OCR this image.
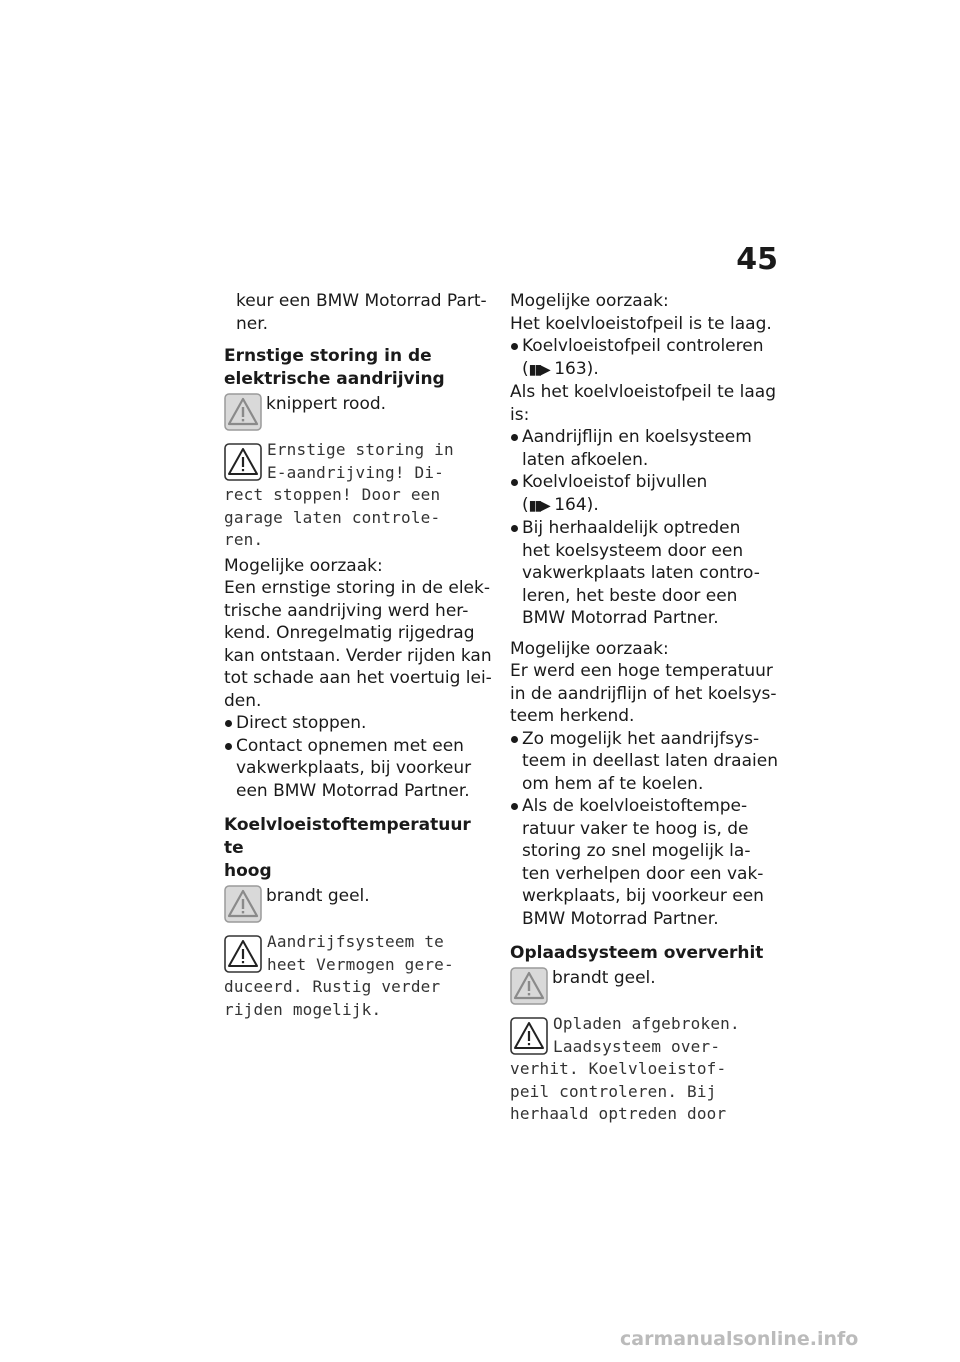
45
keur een BMW Motorrad Part-
ner.
Ernstige storing in de
elektrische aandrijving
knippert rood.
Ernstige storing in
E-aandrijving! Di-
rect stoppen! Door een
garage laten controle-
ren.
Mogelijke oorzaak:
Een ernstige storing in de elek-
trische aandrijving werd her-
kend. Onregelmatig rijgedrag
kan ontstaan. Verder rijden kan
tot schade aan het voertuig lei-
den.
Direct stoppen.
Contact opnemen met een
vakwerkplaats, bij voorkeur
een BMW Motorrad Partner.
Koelvloeistoftemperatuur te
hoog
brandt geel.
Aandrijfsysteem te
heet Vermogen gere-
duceerd. Rustig verder
rijden mogelijk.
Mogelijke oorzaak:
Het koelvloeistofpeil is te laag.
Koelvloeistofpeil controleren
(▮▮▶ 163).
Als het koelvloeistofpeil te laag
is:
Aandrijflijn en koelsysteem
laten afkoelen.
Koelvloeistof bijvullen
(▮▮▶ 164).
Bij herhaaldelijk optreden
het koelsysteem door een
vakwerkplaats laten contro-
leren, het beste door een
BMW Motorrad Partner.
Mogelijke oorzaak:
Er werd een hoge temperatuur
in de aandrijflijn of het koelsys-
teem herkend.
Zo mogelijk het aandrijfsys-
teem in deellast laten draaien
om hem af te koelen.
Als de koelvloeistoftempe-
ratuur vaker te hoog is, de
storing zo snel mogelijk la-
ten verhelpen door een vak-
werkplaats, bij voorkeur een
BMW Motorrad Partner.
Oplaadsysteem oververhit
brandt geel.
Opladen afgebroken.
Laadsysteem over-
verhit. Koelvloeistof-
peil controleren. Bij
herhaald optreden door
carmanualsonline.info
